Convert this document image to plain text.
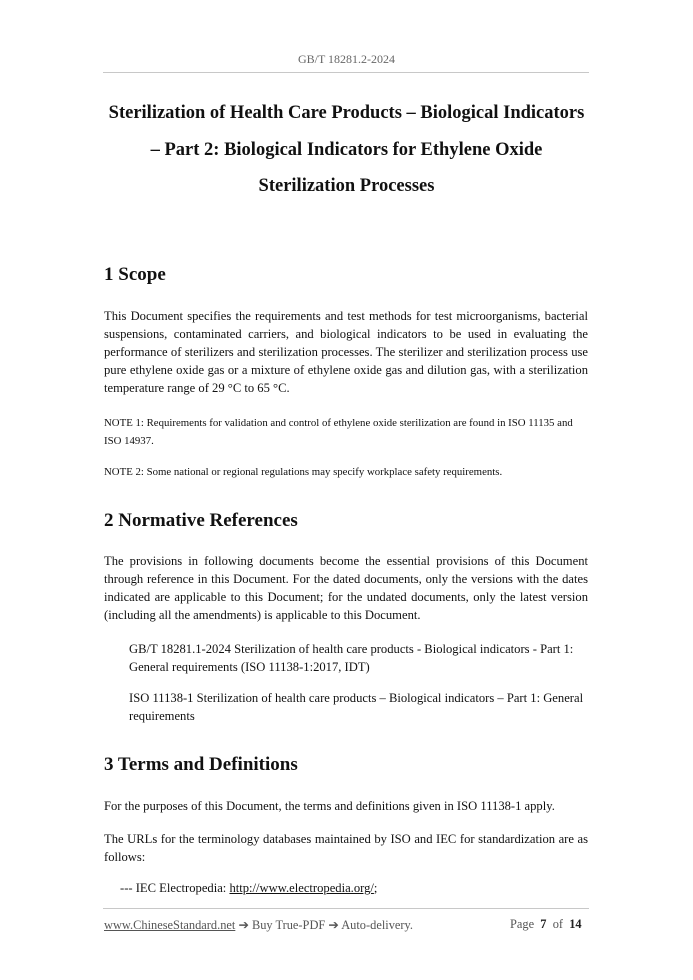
GB/T 18281.2-2024
Sterilization of Health Care Products – Biological Indicators
– Part 2: Biological Indicators for Ethylene Oxide
Sterilization Processes
1 Scope
This Document specifies the requirements and test methods for test microorganisms, bacterial suspensions, contaminated carriers, and biological indicators to be used in evaluating the performance of sterilizers and sterilization processes. The sterilizer and sterilization process use pure ethylene oxide gas or a mixture of ethylene oxide gas and dilution gas, with a sterilization temperature range of 29 °C to 65 °C.
NOTE 1: Requirements for validation and control of ethylene oxide sterilization are found in ISO 11135 and ISO 14937.
NOTE 2: Some national or regional regulations may specify workplace safety requirements.
2 Normative References
The provisions in following documents become the essential provisions of this Document through reference in this Document. For the dated documents, only the versions with the dates indicated are applicable to this Document; for the undated documents, only the latest version (including all the amendments) is applicable to this Document.
GB/T 18281.1-2024 Sterilization of health care products - Biological indicators - Part 1: General requirements (ISO 11138-1:2017, IDT)
ISO 11138-1 Sterilization of health care products – Biological indicators – Part 1: General requirements
3 Terms and Definitions
For the purposes of this Document, the terms and definitions given in ISO 11138-1 apply.
The URLs for the terminology databases maintained by ISO and IEC for standardization are as follows:
--- IEC Electropedia: http://www.electropedia.org/;
www.ChineseStandard.net ➔ Buy True-PDF ➔ Auto-delivery.	Page 7 of 14
